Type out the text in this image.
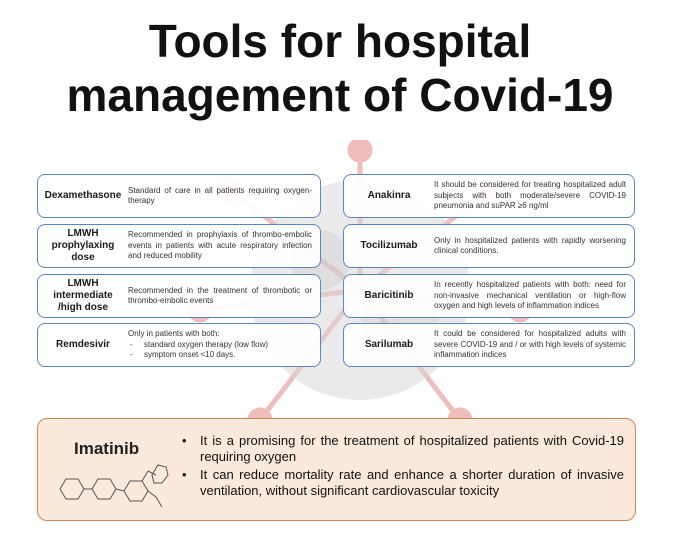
Tools for hospital
management of Covid-19
Dexamethasone Standard of care in all patients requiring oxygen-therapy
LMWH prophylaxing dose
Recommended in prophylaxis of thrombo-embolic events in patients with acute respiratory infection and reduced mobility
LMWH intermediate /high dose
Recommended in the treatment of thrombotic or thrombo-embolic events
Remdesivir
Only in patients with both:
- standard oxygen therapy (low flow)
- symptom onset <10 days.
Anakinra
It should be considered for treating hospitalized adult subjects with both moderate/severe COVID-19 pneumonia and suPAR ≥6 ng/ml
Tocilizumab	Only in hospitalized patients with rapidly worsening clinical conditions.
Baricitinib
In recently hospitalized patients with both: need for non-invasive mechanical ventilation or high-flow oxygen and high levels of inflammation indices
Sarilumab
It could be considered for hospitalized adults with severe COVID-19 and / or with high levels of systemic inflammation indices
Imatinib
•	It is a promising for the treatment of hospitalized patients with Covid-19 requiring oxygen
• It can reduce mortality rate and enhance a shorter duration of invasive ventilation, without significant cardiovascular toxicity
